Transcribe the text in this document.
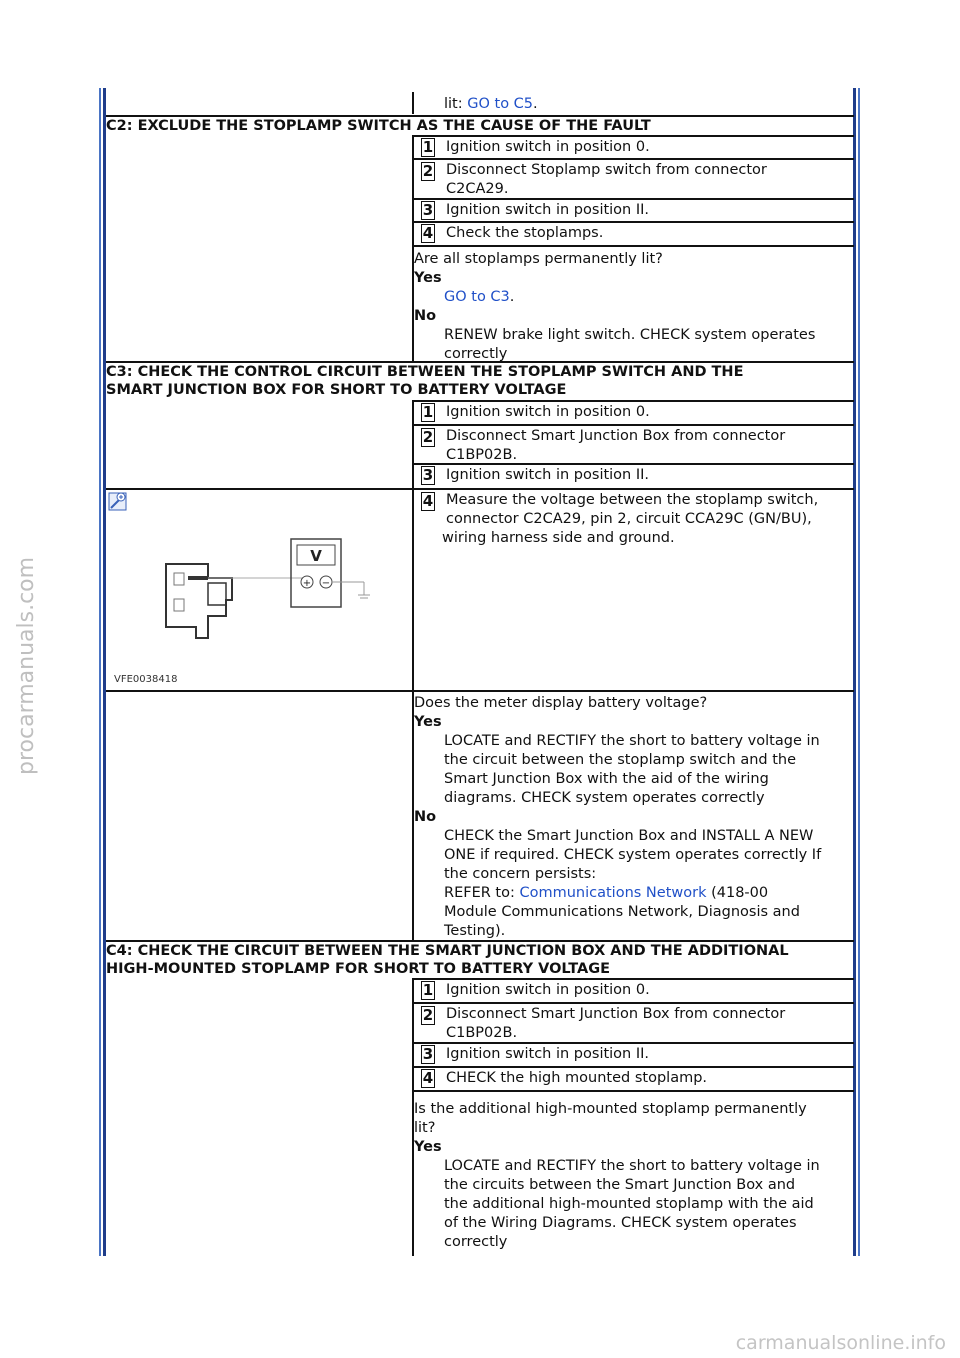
procarmanuals.com
carmanualsonline.info
lit: GO to C5.
C2: EXCLUDE THE STOPLAMP SWITCH AS THE CAUSE OF THE FAULT
1 Ignition switch in position 0.
2 Disconnect Stoplamp switch from connector
C2CA29.
3 Ignition switch in position II.
4 Check the stoplamps.
Are all stoplamps permanently lit?
Yes
GO to C3.
No
RENEW brake light switch. CHECK system operates
correctly
C3: CHECK THE CONTROL CIRCUIT BETWEEN THE STOPLAMP SWITCH AND THE
SMART JUNCTION BOX FOR SHORT TO BATTERY VOLTAGE
1 Ignition switch in position 0.
2 Disconnect Smart Junction Box from connector
C1BP02B.
3 Ignition switch in position II.
4 Measure the voltage between the stoplamp switch,
connector C2CA29, pin 2, circuit CCA29C (GN/BU),
wiring harness side and ground.
V
+ −
VFE0038418
Does the meter display battery voltage?
Yes
LOCATE and RECTIFY the short to battery voltage in
the circuit between the stoplamp switch and the
Smart Junction Box with the aid of the wiring
diagrams. CHECK system operates correctly
No
CHECK the Smart Junction Box and INSTALL A NEW
ONE if required. CHECK system operates correctly If
the concern persists:
REFER to: Communications Network (418-00
Module Communications Network, Diagnosis and
Testing).
C4: CHECK THE CIRCUIT BETWEEN THE SMART JUNCTION BOX AND THE ADDITIONAL
HIGH-MOUNTED STOPLAMP FOR SHORT TO BATTERY VOLTAGE
1 Ignition switch in position 0.
2 Disconnect Smart Junction Box from connector
C1BP02B.
3 Ignition switch in position II.
4 CHECK the high mounted stoplamp.
Is the additional high-mounted stoplamp permanently
lit?
Yes
LOCATE and RECTIFY the short to battery voltage in
the circuits between the Smart Junction Box and
the additional high-mounted stoplamp with the aid
of the Wiring Diagrams. CHECK system operates
correctly
